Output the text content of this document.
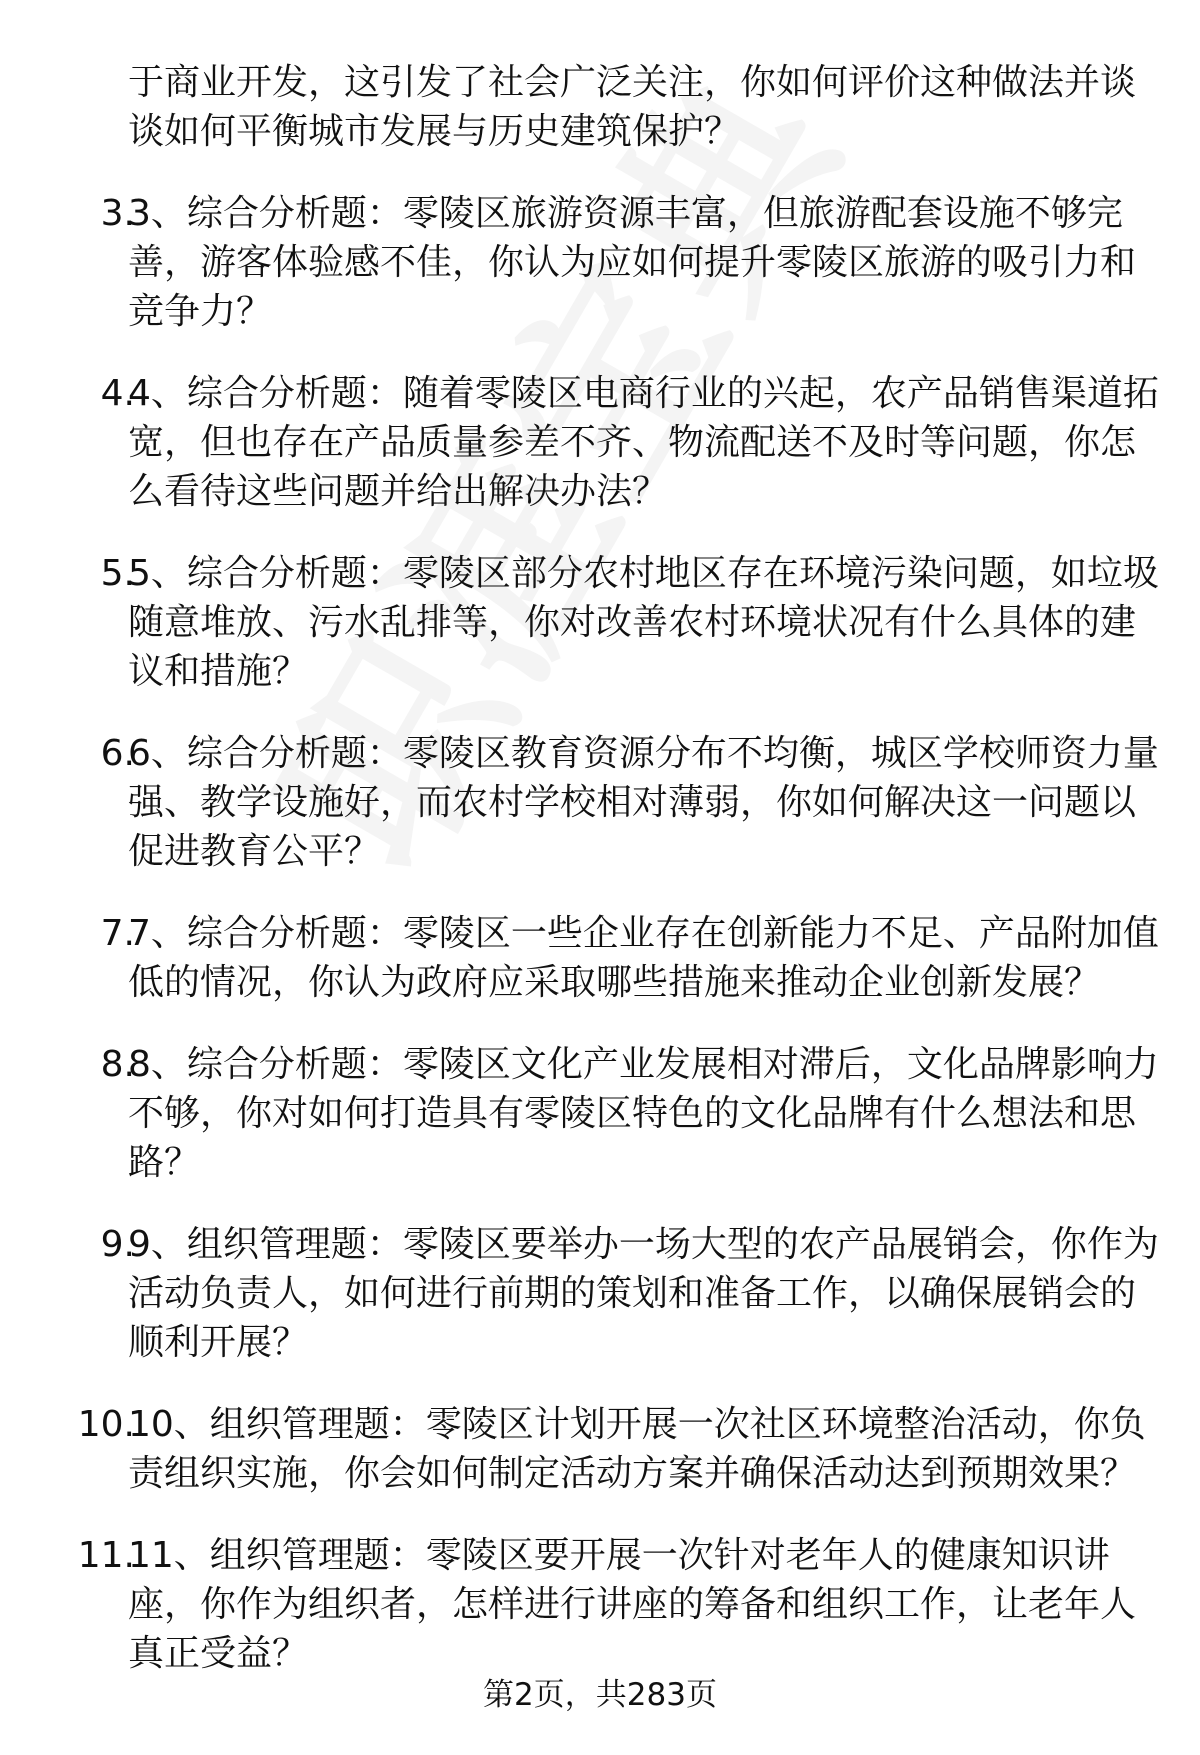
于商业开发，这引发了社会广泛关注，你如何评价这种做法并谈谈如何平衡城市发展与历史建筑保护？
3.
3、综合分析题：零陵区旅游资源丰富，但旅游配套设施不够完善，游客体验感不佳，你认为应如何提升零陵区旅游的吸引力和竞争力？
4.
4、综合分析题：随着零陵区电商行业的兴起，农产品销售渠道拓宽，但也存在产品质量参差不齐、物流配送不及时等问题，你怎么看待这些问题并给出解决办法？
5.
5、综合分析题：零陵区部分农村地区存在环境污染问题，如垃圾随意堆放、污水乱排等，你对改善农村环境状况有什么具体的建议和措施？
6.
6、综合分析题：零陵区教育资源分布不均衡，城区学校师资力量强、教学设施好，而农村学校相对薄弱，你如何解决这一问题以促进教育公平？
7.
7、综合分析题：零陵区一些企业存在创新能力不足、产品附加值低的情况，你认为政府应采取哪些措施来推动企业创新发展？
8.
8、综合分析题：零陵区文化产业发展相对滞后，文化品牌影响力不够，你对如何打造具有零陵区特色的文化品牌有什么想法和思路？
9.
9、组织管理题：零陵区要举办一场大型的农产品展销会，你作为活动负责人，如何进行前期的策划和准备工作，以确保展销会的顺利开展？
10.
10、组织管理题：零陵区计划开展一次社区环境整治活动，你负责组织实施，你会如何制定活动方案并确保活动达到预期效果？
11.
11、组织管理题：零陵区要开展一次针对老年人的健康知识讲座，你作为组织者，怎样进行讲座的筹备和组织工作，让老年人真正受益？
第2页，共283页
